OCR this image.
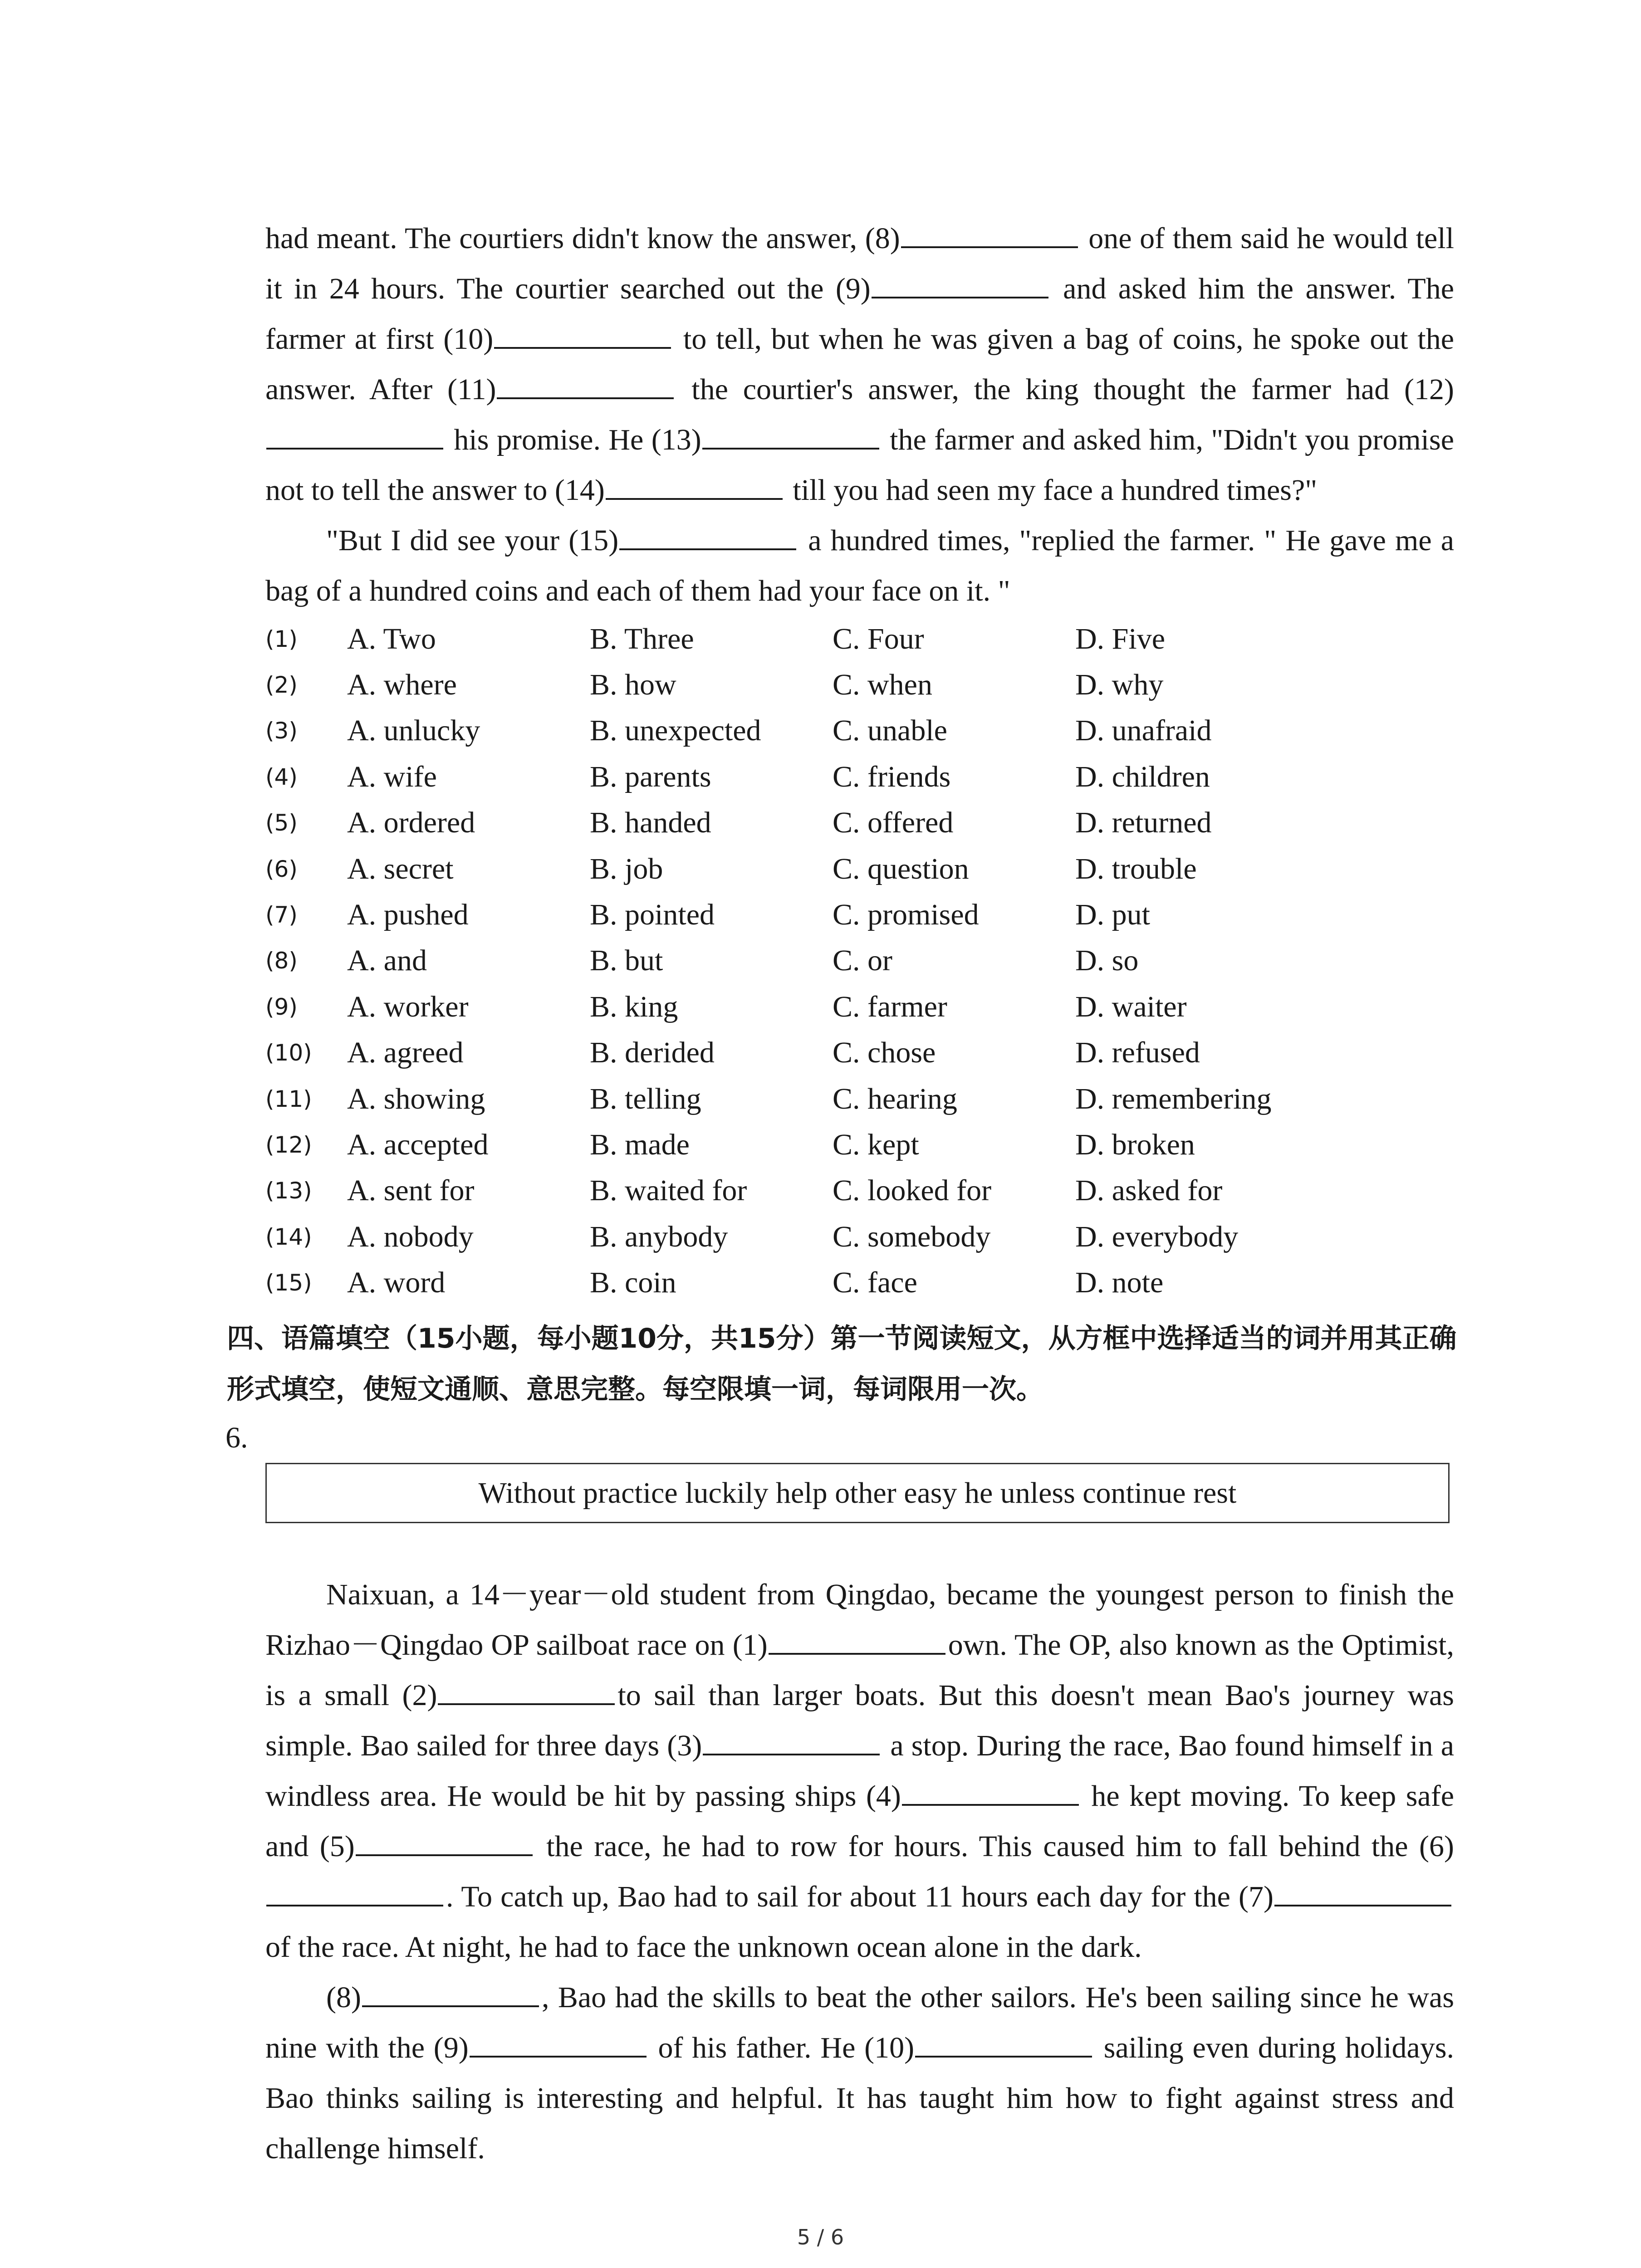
had meant. The courtiers didn't know the answer, (8)	one of them said he would tell it in 24 hours. The courtier searched out the (9)	and asked him the answer. The farmer at first (10)	to tell, but when he was given a bag of coins, he spoke out the answer. After (11)	the courtier's answer, the king thought the farmer had (12) his promise. He (13)	the farmer and asked him, "Didn't you promise not to tell the answer to (14)	till you had seen my face a hundred times?"

"But I did see your (15)	a hundred times, "replied the farmer. " He gave me a bag of a hundred coins and each of them had your face on it. "

(1)	A. Two	B. Three	C. Four	D. Five
(2)	A. where	B. how	C. when	D. why
(3)	A. unlucky	B. unexpected	C. unable	D. unafraid
(4)	A. wife	B. parents	C. friends	D. children
(5)	A. ordered	B. handed	C. offered	D. returned
(6)	A. secret	B. job	C. question	D. trouble
(7)	A. pushed	B. pointed	C. promised	D. put
(8)	A. and	B. but	C. or	D. so
(9)	A. worker	B. king	C. farmer	D. waiter
(10)	A. agreed	B. derided	C. chose	D. refused
(11)	A. showing	B. telling	C. hearing	D. remembering
(12)	A. accepted	B. made	C. kept	D. broken
(13)	A. sent for	B. waited for	C. looked for	D. asked for
(14)	A. nobody	B. anybody	C. somebody	D. everybody
(15)	A. word	B. coin	C. face	D. note

四、语篇填空（15小题，每小题10分，共15分）第一节阅读短文，从方框中选择适当的词并用其正确形式填空，使短文通顺、意思完整。每空限填一词，每词限用一次。

6.

Without practice luckily help other easy he unless continue rest

Naixuan, a 14－year－old student from Qingdao, became the youngest person to finish the Rizhao－Qingdao OP sailboat race on (1)	own. The OP, also known as the Optimist, is a small (2)	to sail than larger boats. But this doesn't mean Bao's journey was simple. Bao sailed for three days (3)	a stop. During the race, Bao found himself in a windless area. He would be hit by passing ships (4)	he kept moving. To keep safe and (5)	the race, he had to row for hours. This caused him to fall behind the (6). To catch up, Bao had to sail for about 11 hours each day for the (7) of the race. At night, he had to face the unknown ocean alone in the dark.

(8)	, Bao had the skills to beat the other sailors. He's been sailing since he was nine with the (9)	of his father. He (10)	sailing even during holidays. Bao thinks sailing is interesting and helpful. It has taught him how to fight against stress and challenge himself.

5 / 6
